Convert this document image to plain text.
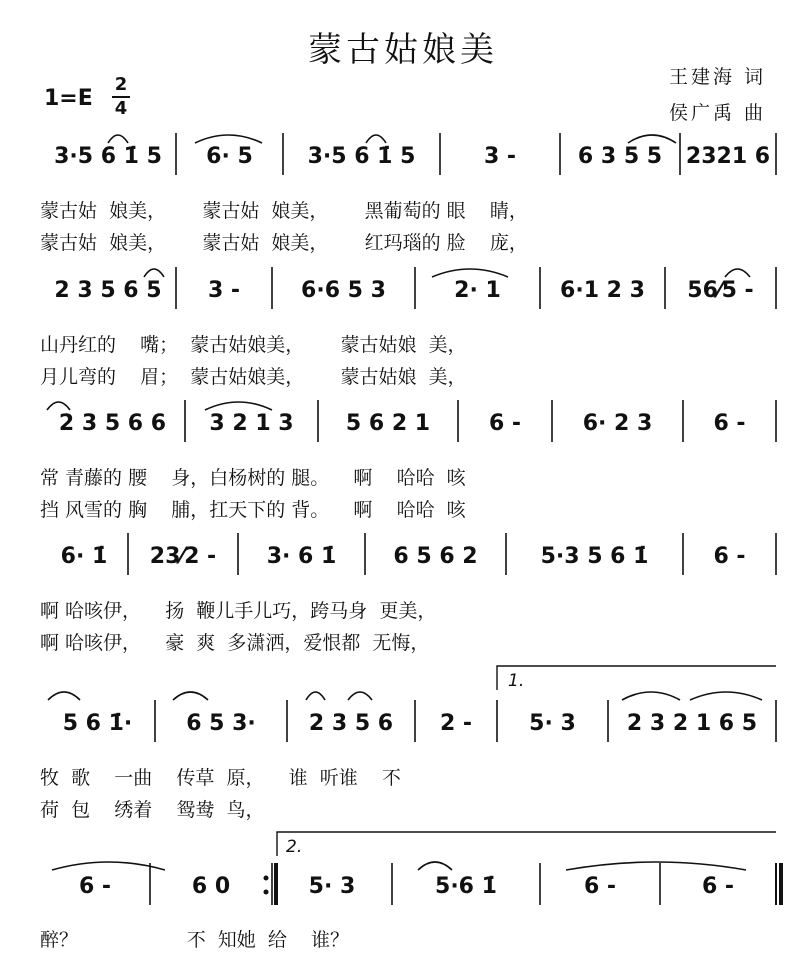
蒙古姑娘美
王建海 词
侯广禹 曲
$1=E \frac{2}{4}$
3·5 6 1̇ 5 6· 5 3·5 6 1̇ 5	3 -	6 3 5 5 2321 6
2 3 5 6 5 3 -	6·6 5 3	2· 1	6·1 2 3 56⁄5 -
2 3 5 6 6 3 2 1 3 5 6 2 1	6 -	6· 2 3	6 -
6· 1̇ 23⁄2 - 3· 6 1̇	6 5 6 2	5·3 5 6 1̇	6 -
5 6 1̇· 6 5 3· 2 3 5 6 2 -	5· 3 2 3 2 1 6 5
6 -	6 0	5· 3	5·6 1̇	6 -	6 -
1.
2.
蒙古姑  娘美，      蒙古姑  娘美，      黑葡萄的 眼    睛，
蒙古姑  娘美，      蒙古姑  娘美，      红玛瑙的 脸    庞，
山丹红的    嘴；  蒙古姑娘美，      蒙古姑娘  美，
月儿弯的    眉；  蒙古姑娘美，      蒙古姑娘  美，
常 青藤的 腰    身，白杨树的 腿。    啊    哈哈  咳
挡 风雪的 胸    脯，扛天下的 背。    啊    哈哈  咳
啊 哈咳伊，    扬  鞭儿手儿巧，跨马身  更美，
啊 哈咳伊，    豪  爽  多潇洒，爱恨都  无悔，
牧  歌    一曲    传草  原，    谁  听谁    不
荷  包    绣着    鸳鸯  鸟，
醉？                  不  知她  给    谁？
